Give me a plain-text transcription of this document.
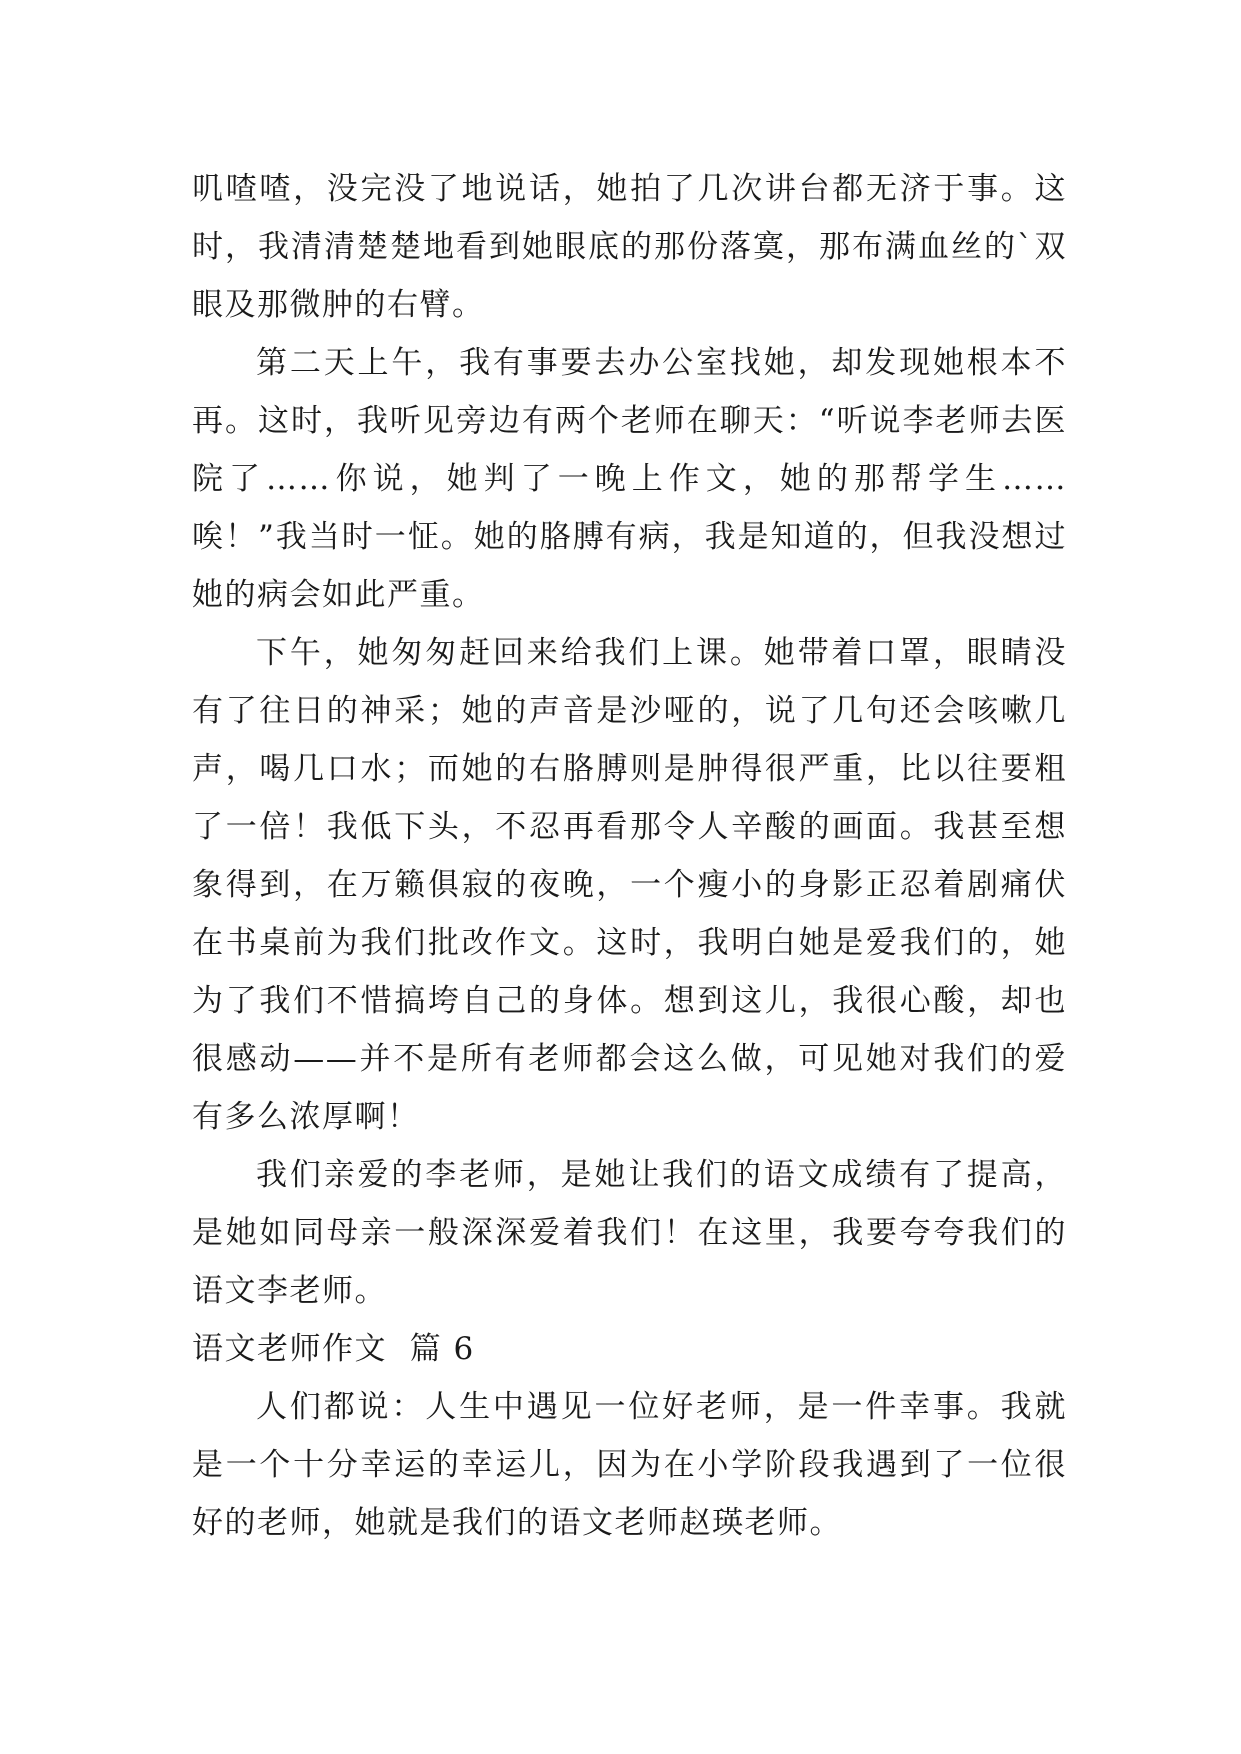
叽喳喳，没完没了地说话，她拍了几次讲台都无济于事。这时，我清清楚楚地看到她眼底的那份落寞，那布满血丝的`双眼及那微肿的右臂。

第二天上午，我有事要去办公室找她，却发现她根本不再。这时，我听见旁边有两个老师在聊天：“听说李老师去医院了……你说，她判了一晚上作文，她的那帮学生……唉！”我当时一怔。她的胳膊有病，我是知道的，但我没想过她的病会如此严重。

下午，她匆匆赶回来给我们上课。她带着口罩，眼睛没有了往日的神采；她的声音是沙哑的，说了几句还会咳嗽几声，喝几口水；而她的右胳膊则是肿得很严重，比以往要粗了一倍！我低下头，不忍再看那令人辛酸的画面。我甚至想象得到，在万籁俱寂的夜晚，一个瘦小的身影正忍着剧痛伏在书桌前为我们批改作文。这时，我明白她是爱我们的，她为了我们不惜搞垮自己的身体。想到这儿，我很心酸，却也很感动——并不是所有老师都会这么做，可见她对我们的爱有多么浓厚啊！

我们亲爱的李老师，是她让我们的语文成绩有了提高，是她如同母亲一般深深爱着我们！在这里，我要夸夸我们的语文李老师。

语文老师作文  篇 6

人们都说：人生中遇见一位好老师，是一件幸事。我就是一个十分幸运的幸运儿，因为在小学阶段我遇到了一位很好的老师，她就是我们的语文老师赵瑛老师。
